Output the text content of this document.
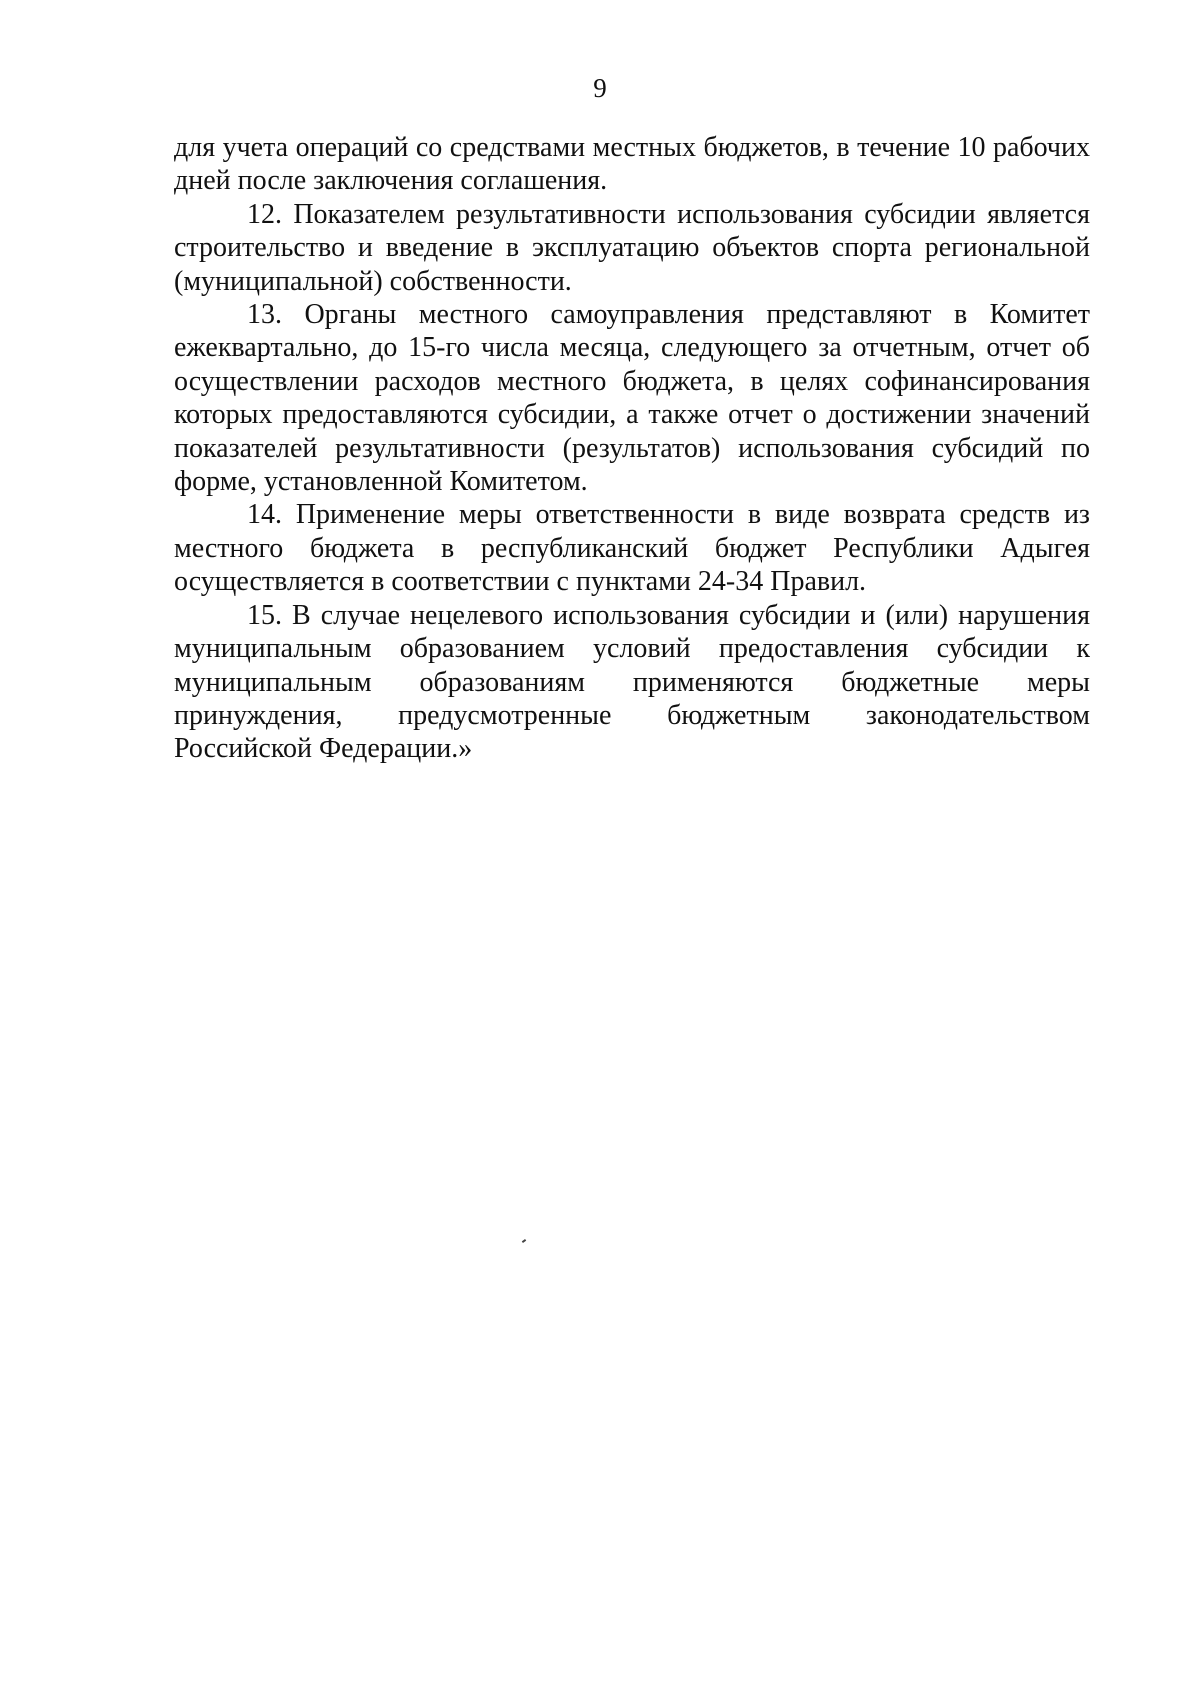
9

для учета операций со средствами местных бюджетов, в течение 10 рабочих дней после заключения соглашения.

12. Показателем результативности использования субсидии является строительство и введение в эксплуатацию объектов спорта региональной (муниципальной) собственности.

13. Органы местного самоуправления представляют в Комитет ежеквартально, до 15-го числа месяца, следующего за отчетным, отчет об осуществлении расходов местного бюджета, в целях софинансирования которых предоставляются субсидии, а также отчет о достижении значений показателей результативности (результатов) использования субсидий по форме, установленной Комитетом.

14. Применение меры ответственности в виде возврата средств из местного бюджета в республиканский бюджет Республики Адыгея осуществляется в соответствии с пунктами 24-34 Правил.

15. В случае нецелевого использования субсидии и (или) нарушения муниципальным образованием условий предоставления субсидии к муниципальным образованиям применяются бюджетные меры принуждения, предусмотренные бюджетным законодательством

Российской Федерации.»
